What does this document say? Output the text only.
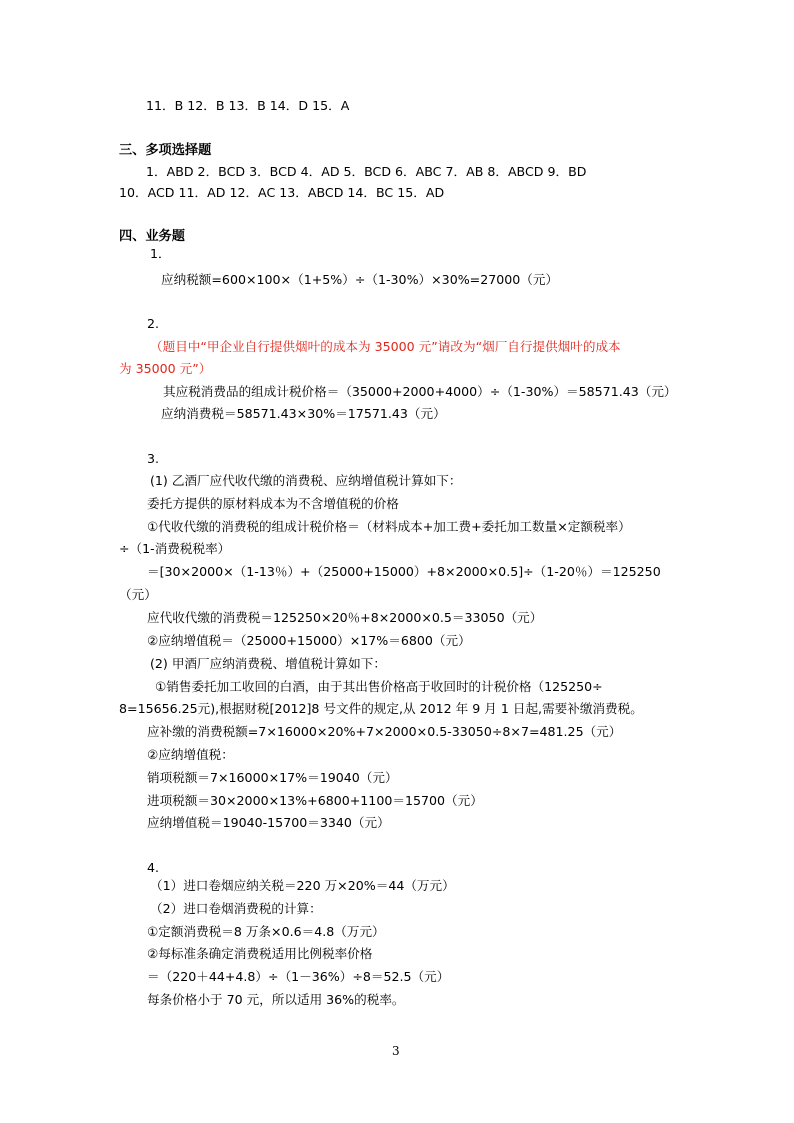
11．B 12．B 13．B 14．D 15．A
三、多项选择题
1．ABD 2．BCD 3．BCD 4．AD 5．BCD 6．ABC 7．AB 8．ABCD 9．BD
10．ACD 11．AD 12．AC 13．ABCD 14．BC 15．AD
四、业务题
1．
应纳税额=600×100×（1+5%）÷（1-30%）×30%=27000（元）
2.
（题目中“甲企业自行提供烟叶的成本为 35000 元”请改为“烟厂自行提供烟叶的成本
为 35000 元”）
其应税消费品的组成计税价格＝（35000+2000+4000）÷（1-30%）＝58571.43（元）
应纳消费税＝58571.43×30%＝17571.43（元）
3.
(1) 乙酒厂应代收代缴的消费税、应纳增值税计算如下：
委托方提供的原材料成本为不含增值税的价格
①代收代缴的消费税的组成计税价格＝（材料成本+加工费+委托加工数量×定额税率）
÷（1-消费税税率）
＝[30×2000×（1-13％）+（25000+15000）+8×2000×0.5]÷（1-20％）＝125250
（元）
应代收代缴的消费税＝125250×20％+8×2000×0.5＝33050（元）
②应纳增值税＝（25000+15000）×17%＝6800（元）
(2) 甲酒厂应纳消费税、增值税计算如下：
①销售委托加工收回的白酒，由于其出售价格高于收回时的计税价格（125250÷
8=15656.25元),根据财税[2012]8 号文件的规定,从 2012 年 9 月 1 日起,需要补缴消费税。
应补缴的消费税额=7×16000×20%+7×2000×0.5-33050÷8×7=481.25（元）
②应纳增值税：
销项税额＝7×16000×17%＝19040（元）
进项税额＝30×2000×13%+6800+1100＝15700（元）
应纳增值税＝19040-15700＝3340（元）
4.
（1）进口卷烟应纳关税＝220 万×20%＝44（万元）
（2）进口卷烟消费税的计算：
①定额消费税＝8 万条×0.6＝4.8（万元）
②每标准条确定消费税适用比例税率价格
＝（220＋44+4.8）÷（1－36%）÷8＝52.5（元）
每条价格小于 70 元，所以适用 36%的税率。
3
